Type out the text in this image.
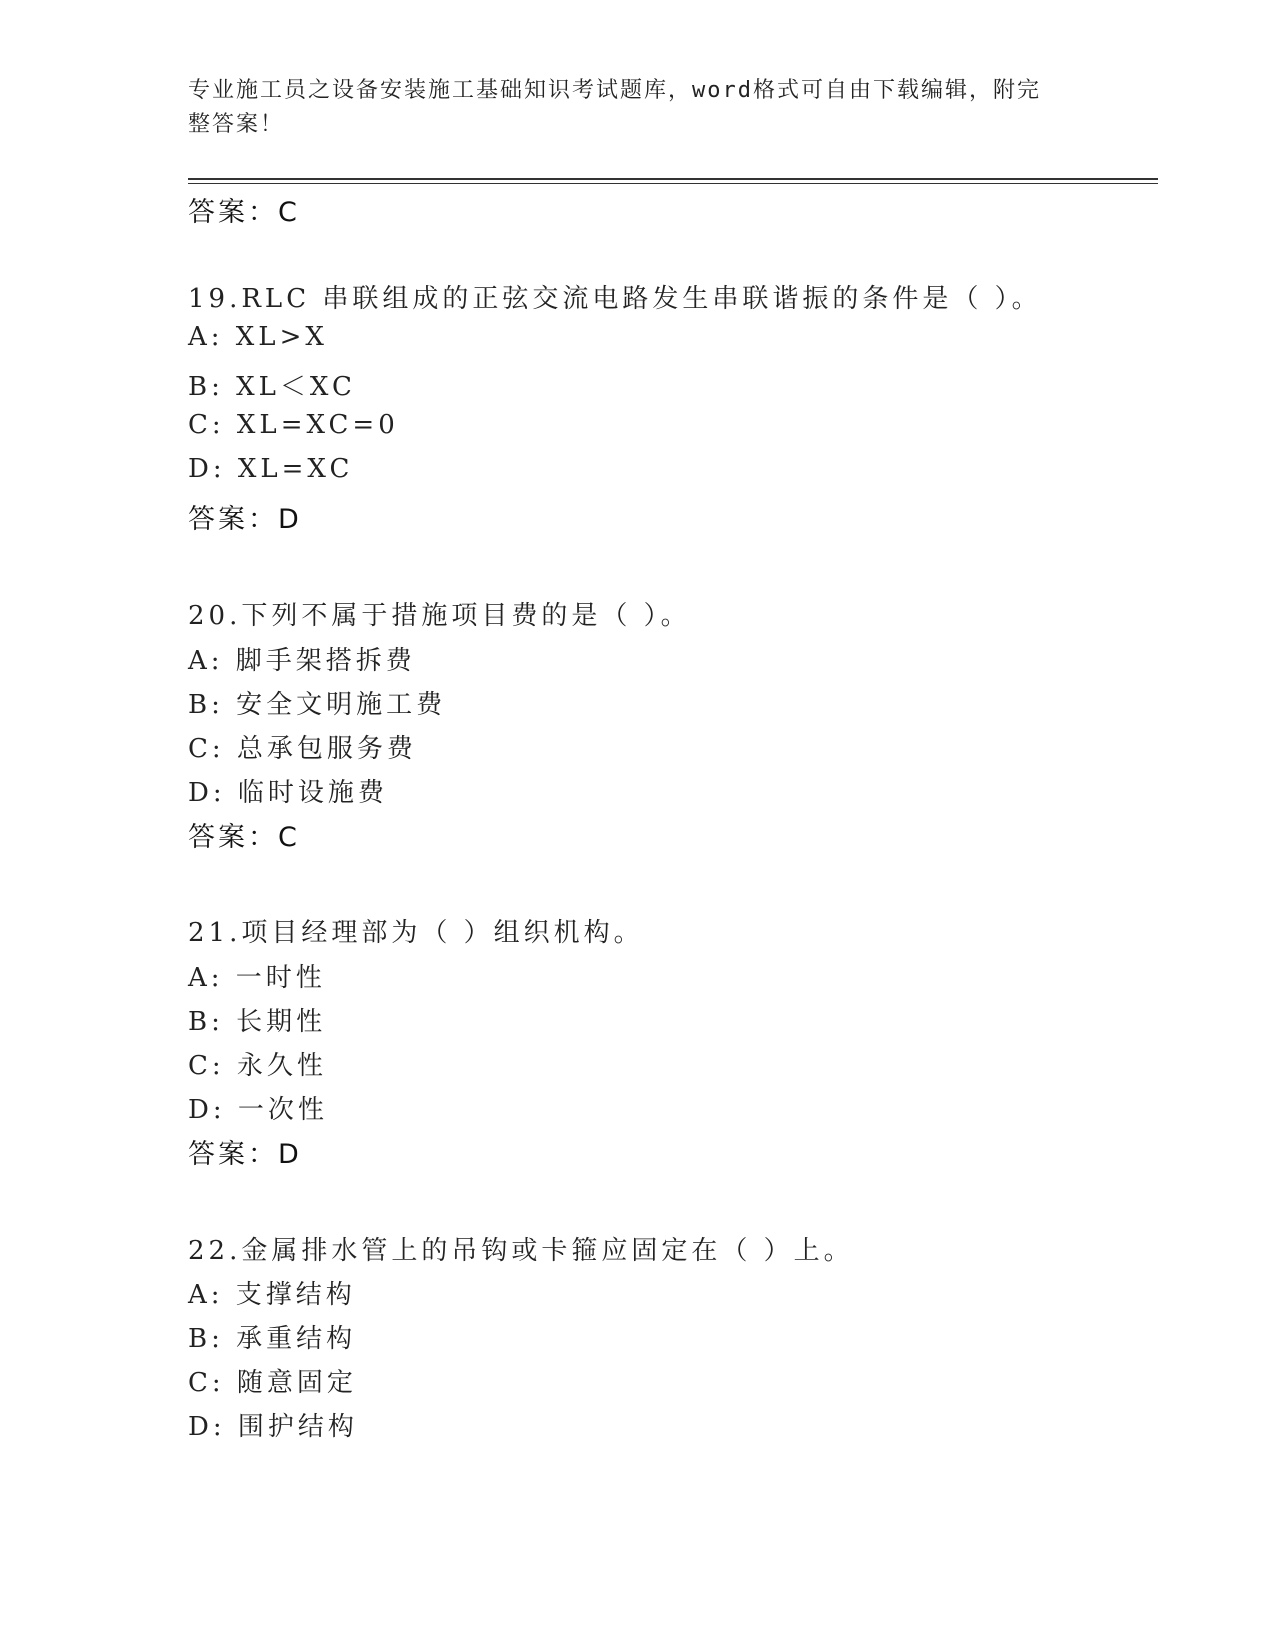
专业施工员之设备安装施工基础知识考试题库，word格式可自由下载编辑，附完
整答案！
答案：C
19.RLC 串联组成的正弦交流电路发生串联谐振的条件是（ ）。
A: XL>X
B: XL＜XC
C: XL=XC=0
D: XL=XC
答案：D
20.下列不属于措施项目费的是（ ）。
A: 脚手架搭拆费
B: 安全文明施工费
C: 总承包服务费
D: 临时设施费
答案：C
21.项目经理部为（ ）组织机构。
A: 一时性
B: 长期性
C: 永久性
D: 一次性
答案：D
22.金属排水管上的吊钩或卡箍应固定在（ ）上。
A: 支撑结构
B: 承重结构
C: 随意固定
D: 围护结构
